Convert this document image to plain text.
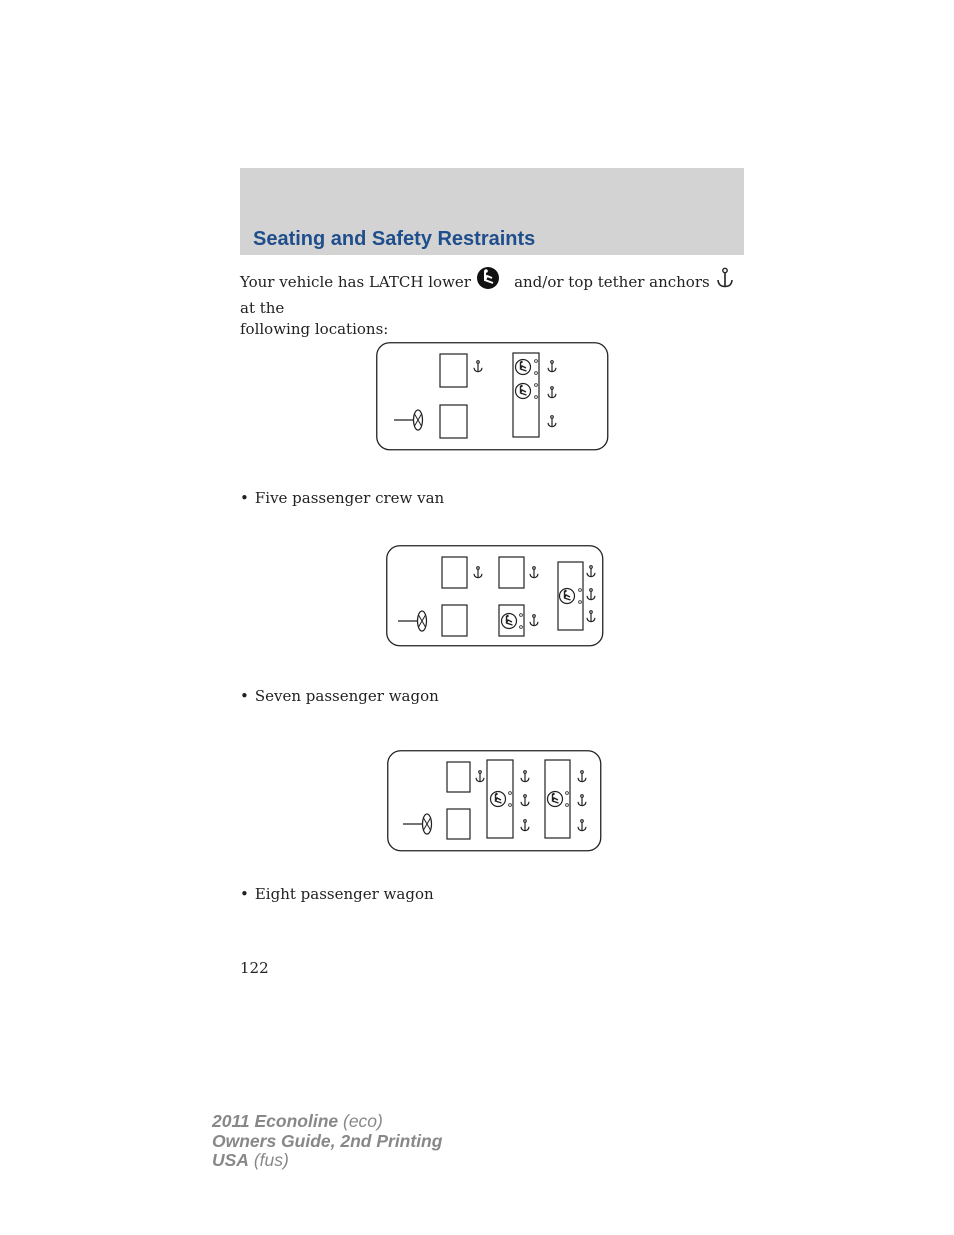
Seating and Safety Restraints
Your vehicle has LATCH lower	and/or top tether anchors  at the
following locations:
• Five passenger crew van
• Seven passenger wagon
• Eight passenger wagon
122
2011 Econoline (eco)
Owners Guide, 2nd Printing
USA (fus)
